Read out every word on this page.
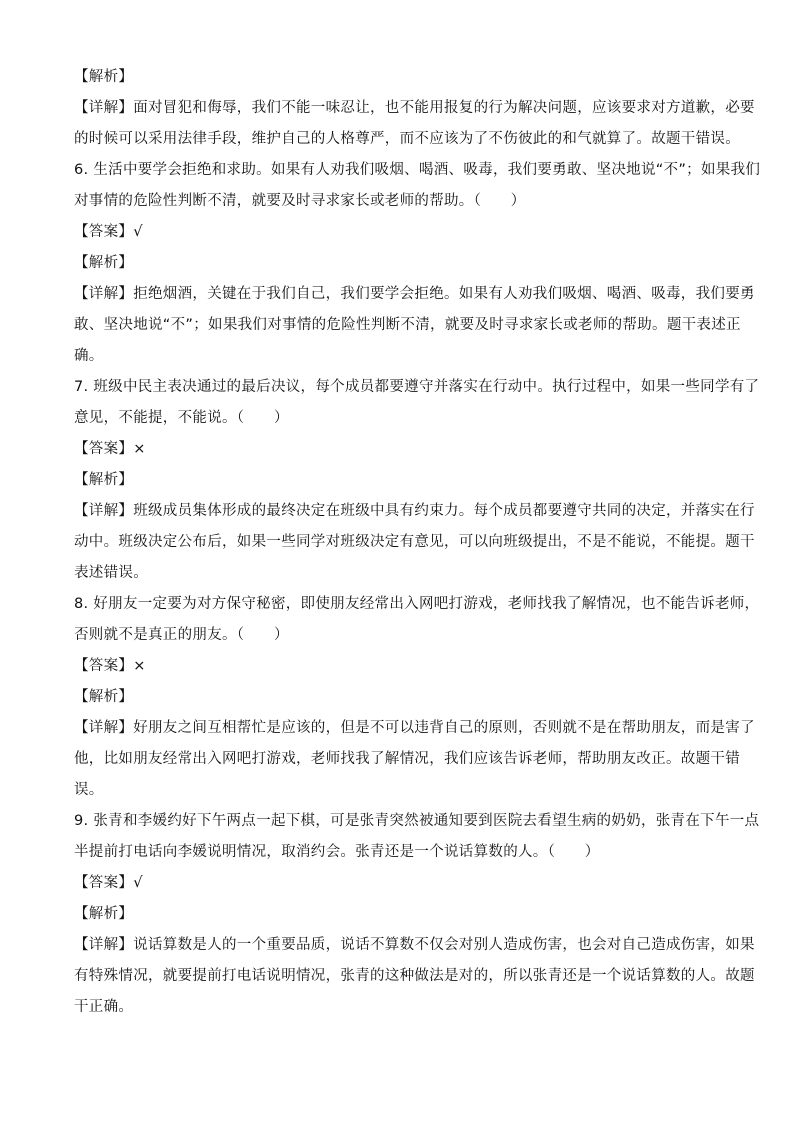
【解析】
【详解】面对冒犯和侮辱，我们不能一味忍让，也不能用报复的行为解决问题，应该要求对方道歉，必要
的时候可以采用法律手段，维护自己的人格尊严，而不应该为了不伤彼此的和气就算了。故题干错误。
6. 生活中要学会拒绝和求助。如果有人劝我们吸烟、喝酒、吸毒，我们要勇敢、坚决地说“不”；如果我们
对事情的危险性判断不清，就要及时寻求家长或老师的帮助。（　　）
【答案】√
【解析】
【详解】拒绝烟酒，关键在于我们自己，我们要学会拒绝。如果有人劝我们吸烟、喝酒、吸毒，我们要勇
敢、坚决地说“不”；如果我们对事情的危险性判断不清，就要及时寻求家长或老师的帮助。题干表述正
确。
7. 班级中民主表决通过的最后决议，每个成员都要遵守并落实在行动中。执行过程中，如果一些同学有了
意见，不能提，不能说。（　　）
【答案】×
【解析】
【详解】班级成员集体形成的最终决定在班级中具有约束力。每个成员都要遵守共同的决定，并落实在行
动中。班级决定公布后，如果一些同学对班级决定有意见，可以向班级提出，不是不能说，不能提。题干
表述错误。
8. 好朋友一定要为对方保守秘密，即使朋友经常出入网吧打游戏，老师找我了解情况，也不能告诉老师，
否则就不是真正的朋友。（　　）
【答案】×
【解析】
【详解】好朋友之间互相帮忙是应该的，但是不可以违背自己的原则，否则就不是在帮助朋友，而是害了
他，比如朋友经常出入网吧打游戏，老师找我了解情况，我们应该告诉老师，帮助朋友改正。故题干错
误。
9. 张青和李媛约好下午两点一起下棋，可是张青突然被通知要到医院去看望生病的奶奶，张青在下午一点
半提前打电话向李媛说明情况，取消约会。张青还是一个说话算数的人。（　　）
【答案】√
【解析】
【详解】说话算数是人的一个重要品质，说话不算数不仅会对别人造成伤害，也会对自己造成伤害，如果
有特殊情况，就要提前打电话说明情况，张青的这种做法是对的，所以张青还是一个说话算数的人。故题
干正确。
